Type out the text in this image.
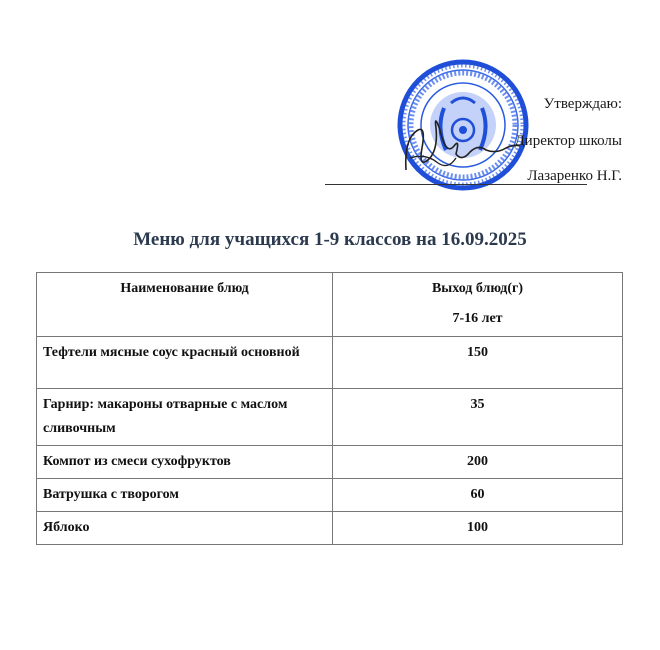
Утверждаю:
Директор школы
Лазаренко Н.Г.
Меню для учащихся 1-9 классов на 16.09.2025
Наименование блюд	Выход блюд(г)
7-16 лет

Тефтели мясные соус красный основной	150
Гарнир: макароны отварные с маслом сливочным	35
Компот из смеси сухофруктов	200
Ватрушка с творогом	60
Яблоко	100
